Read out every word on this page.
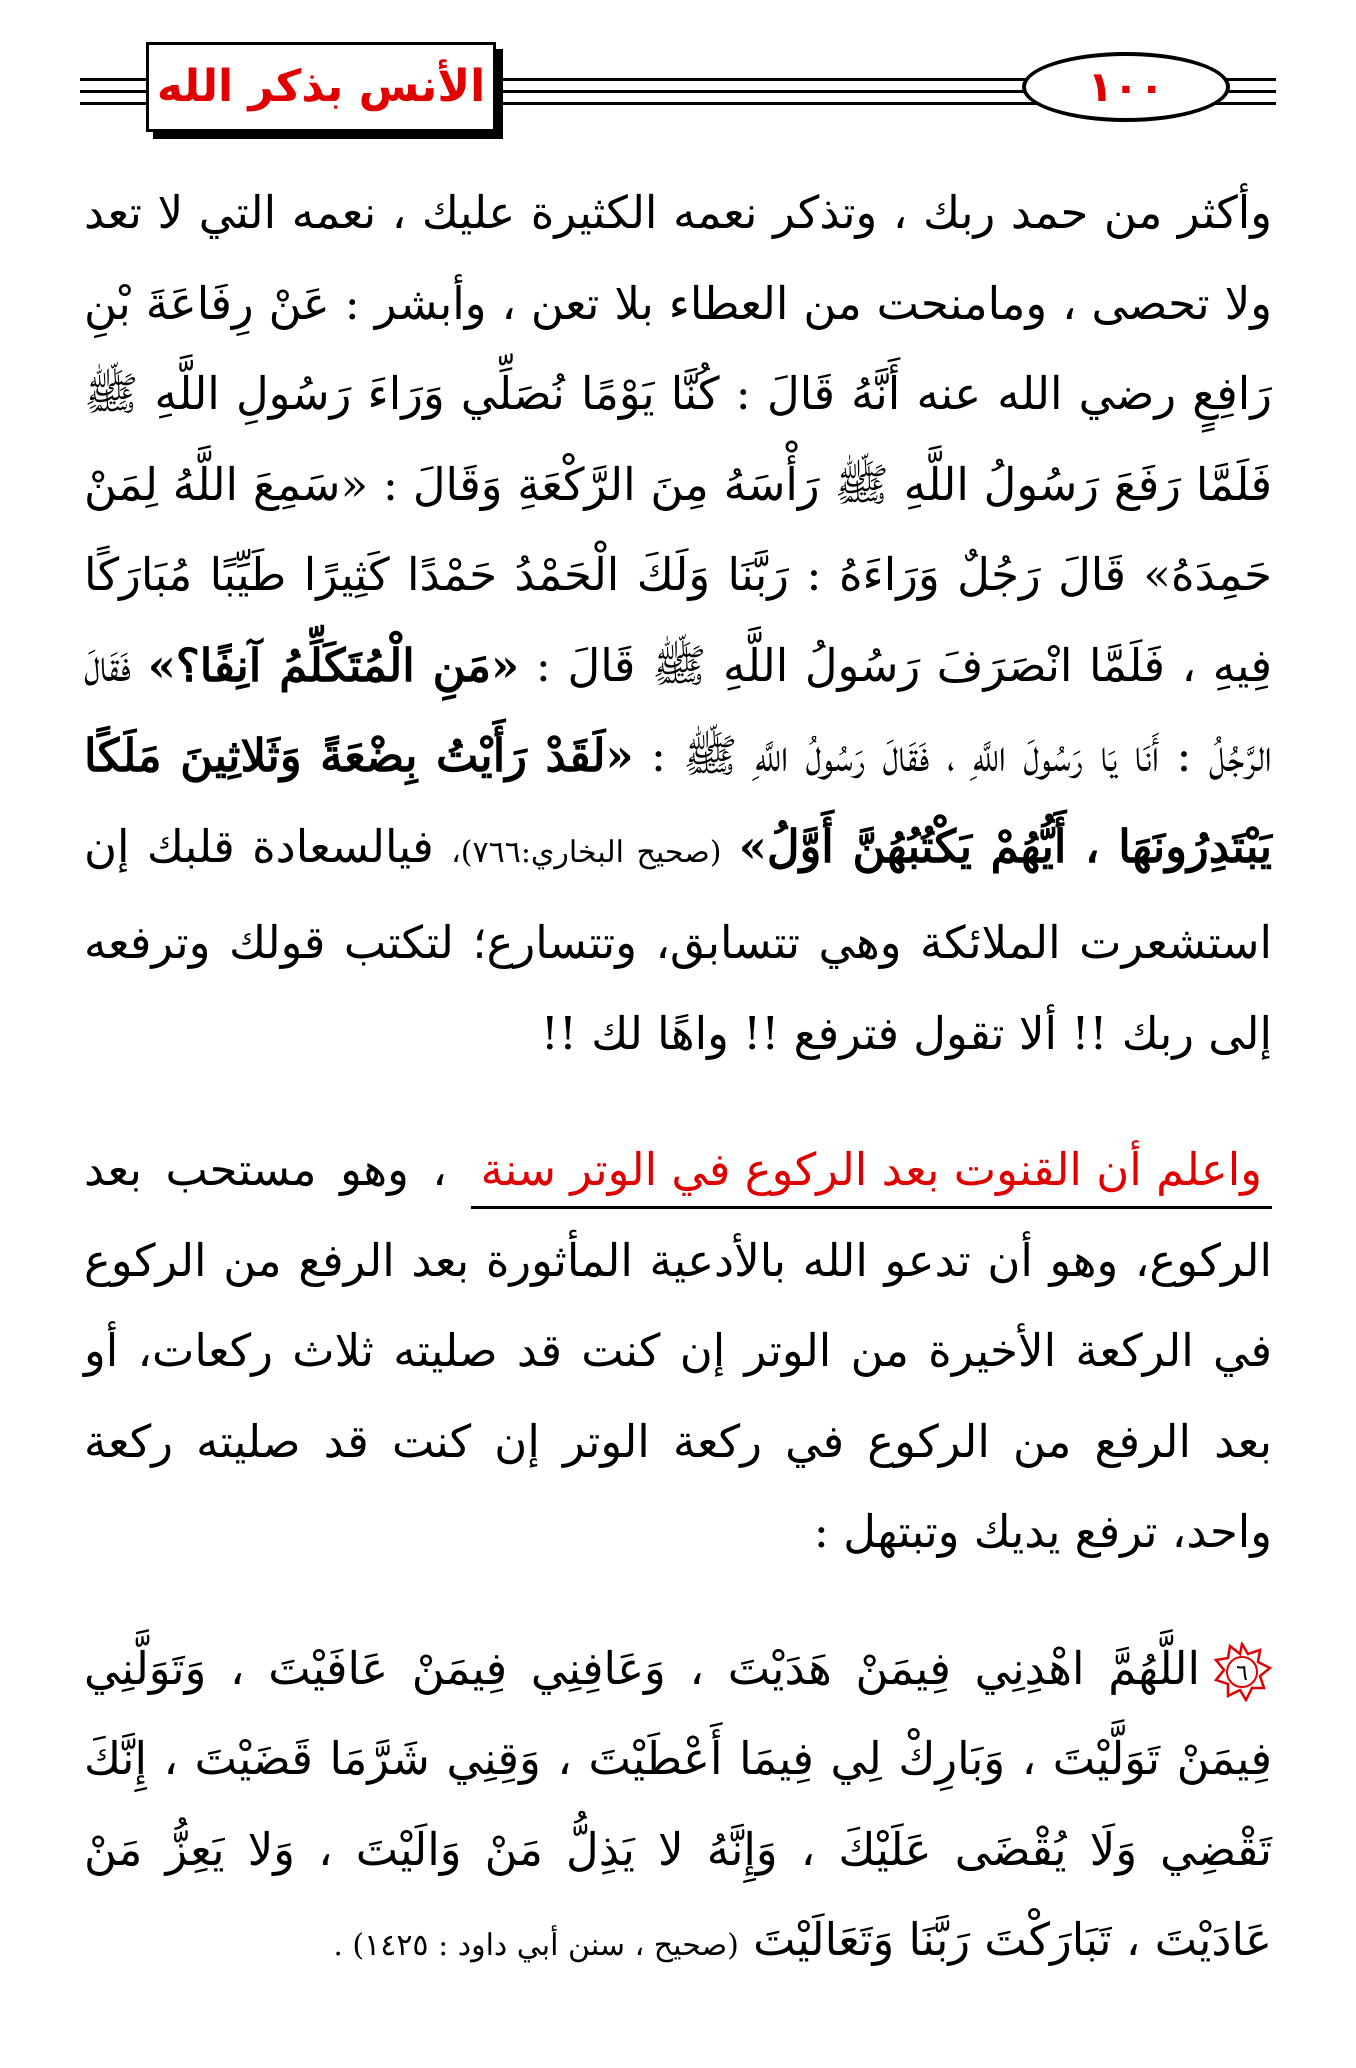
الأنس بذكر الله	١٠٠

وأكثر من حمد ربك ، وتذكر نعمه الكثيرة عليك ، نعمه التي لا تعد ولا تحصى ، ومامنحت من العطاء بلا تعن ، وأبشر : عَنْ رِفَاعَةَ بْنِ رَافِعٍ رضي الله عنه أَنَّهُ قَالَ : كُنَّا يَوْمًا نُصَلِّي وَرَاءَ رَسُولِ اللَّهِ ﷺ فَلَمَّا رَفَعَ رَسُولُ اللَّهِ ﷺ رَأْسَهُ مِنَ الرَّكْعَةِ وَقَالَ : «سَمِعَ اللَّهُ لِمَنْ حَمِدَهُ» قَالَ رَجُلٌ وَرَاءَهُ : رَبَّنَا وَلَكَ الْحَمْدُ حَمْدًا كَثِيرًا طَيِّبًا مُبَارَكًا فِيهِ ، فَلَمَّا انْصَرَفَ رَسُولُ اللَّهِ ﷺ قَالَ : «مَنِ الْمُتَكَلِّمُ آنِفًا؟» فَقَالَ الرَّجُلُ : أَنَا يَا رَسُولَ اللَّهِ ، فَقَالَ رَسُولُ اللَّهِ ﷺ : «لَقَدْ رَأَيْتُ بِضْعَةً وَثَلاثِينَ مَلَكًا يَبْتَدِرُونَهَا ، أَيُّهُمْ يَكْتُبُهُنَّ أَوَّلُ» (صحيح البخاري:٧٦٦)، فيالسعادة قلبك إن استشعرت الملائكة وهي تتسابق، وتتسارع؛ لتكتب قولك وترفعه إلى ربك !! ألا تقول فترفع !! واهًا لك !!

واعلم أن القنوت بعد الركوع في الوتر سنة ، وهو مستحب بعد الركوع، وهو أن تدعو الله بالأدعية المأثورة بعد الرفع من الركوع في الركعة الأخيرة من الوتر إن كنت قد صليته ثلاث ركعات، أو بعد الرفع من الركوع في ركعة الوتر إن كنت قد صليته ركعة واحد، ترفع يديك وتبتهل :

٦
اللَّهُمَّ اهْدِنِي فِيمَنْ هَدَيْتَ ، وَعَافِنِي فِيمَنْ عَافَيْتَ ، وَتَوَلَّنِي فِيمَنْ تَوَلَّيْتَ ، وَبَارِكْ لِي فِيمَا أَعْطَيْتَ ، وَقِنِي شَرَّمَا قَضَيْتَ ، إِنَّكَ تَقْضِي وَلَا يُقْضَى عَلَيْكَ ، وَإِنَّهُ لا يَذِلُّ مَنْ وَالَيْتَ ، وَلا يَعِزُّ مَنْ عَادَيْتَ ، تَبَارَكْتَ رَبَّنَا وَتَعَالَيْتَ (صحيح ، سنن أبي داود : ١٤٢٥) .
